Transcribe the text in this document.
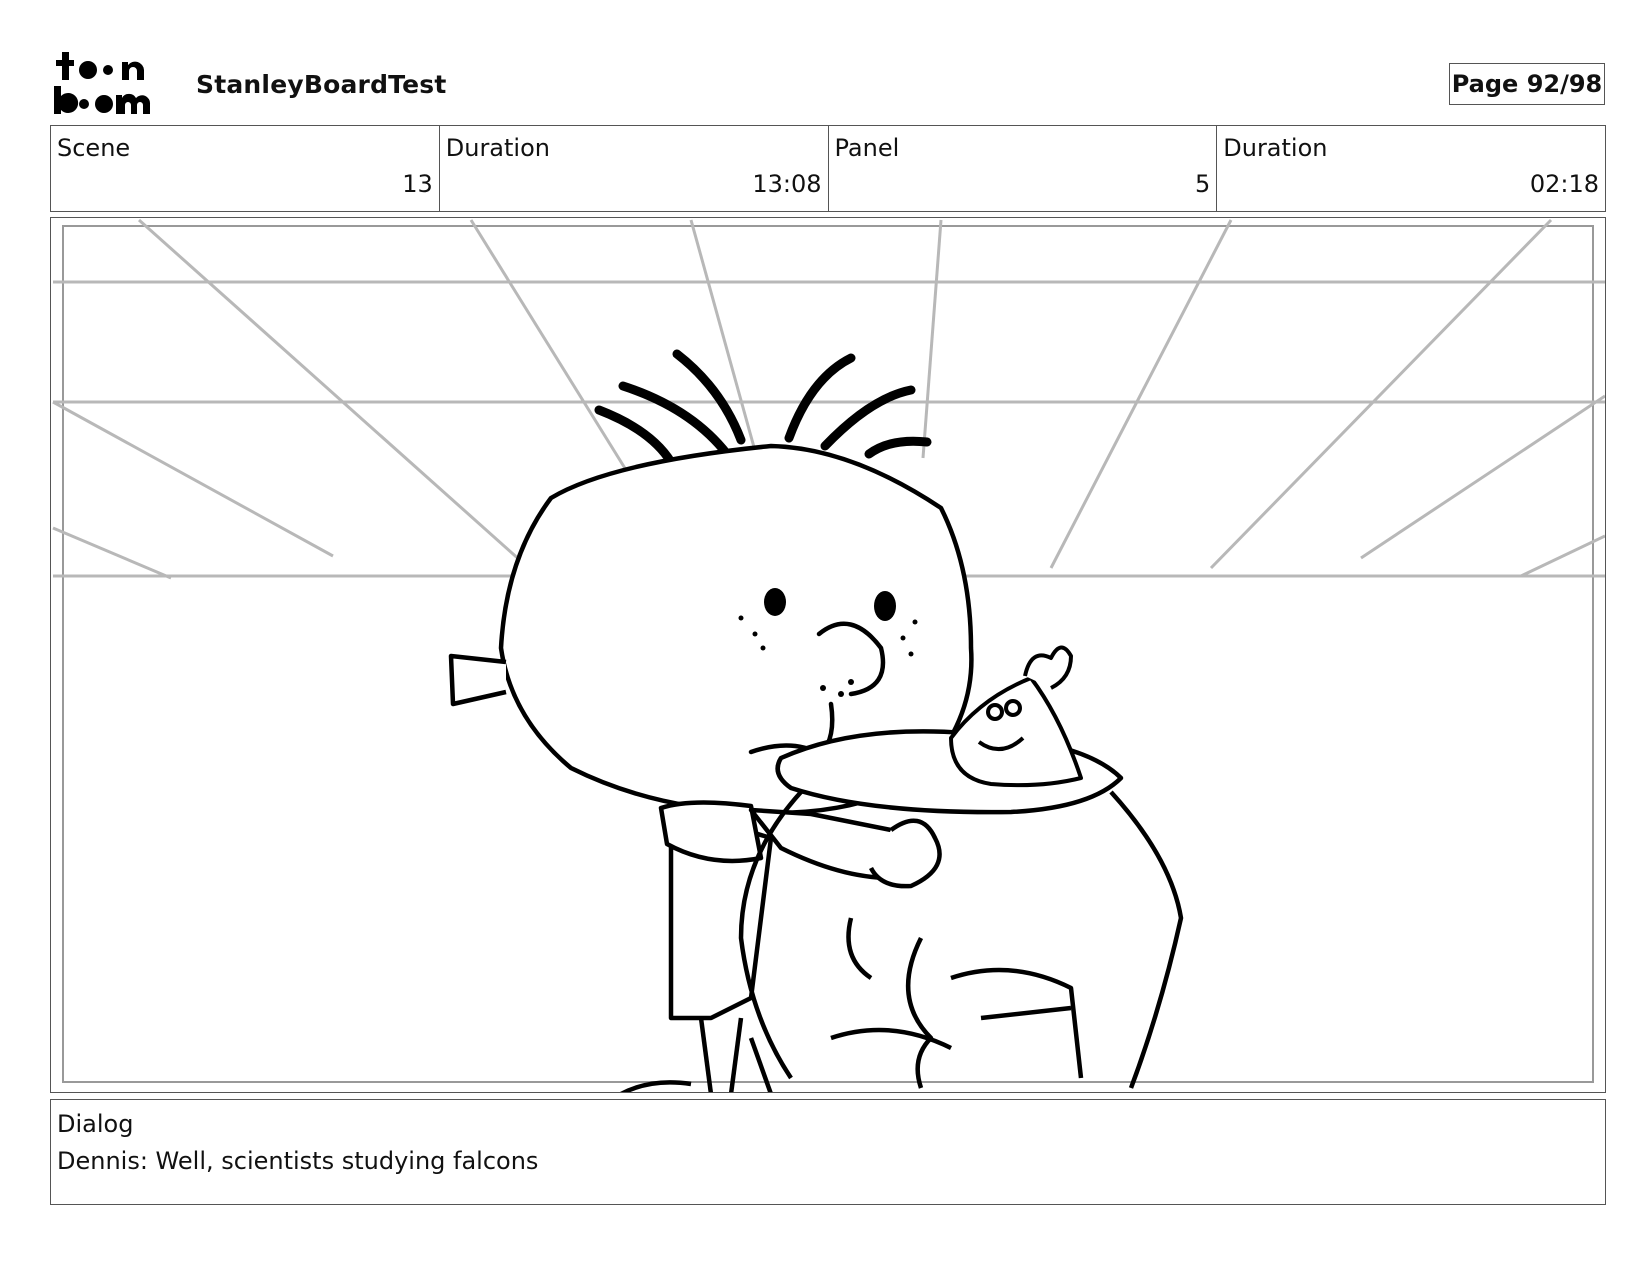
StanleyBoardTest	Page 92/98
Scene
13
Duration
13:08
Panel
5
Duration
02:18
Dialog
Dennis: Well, scientists studying falcons
